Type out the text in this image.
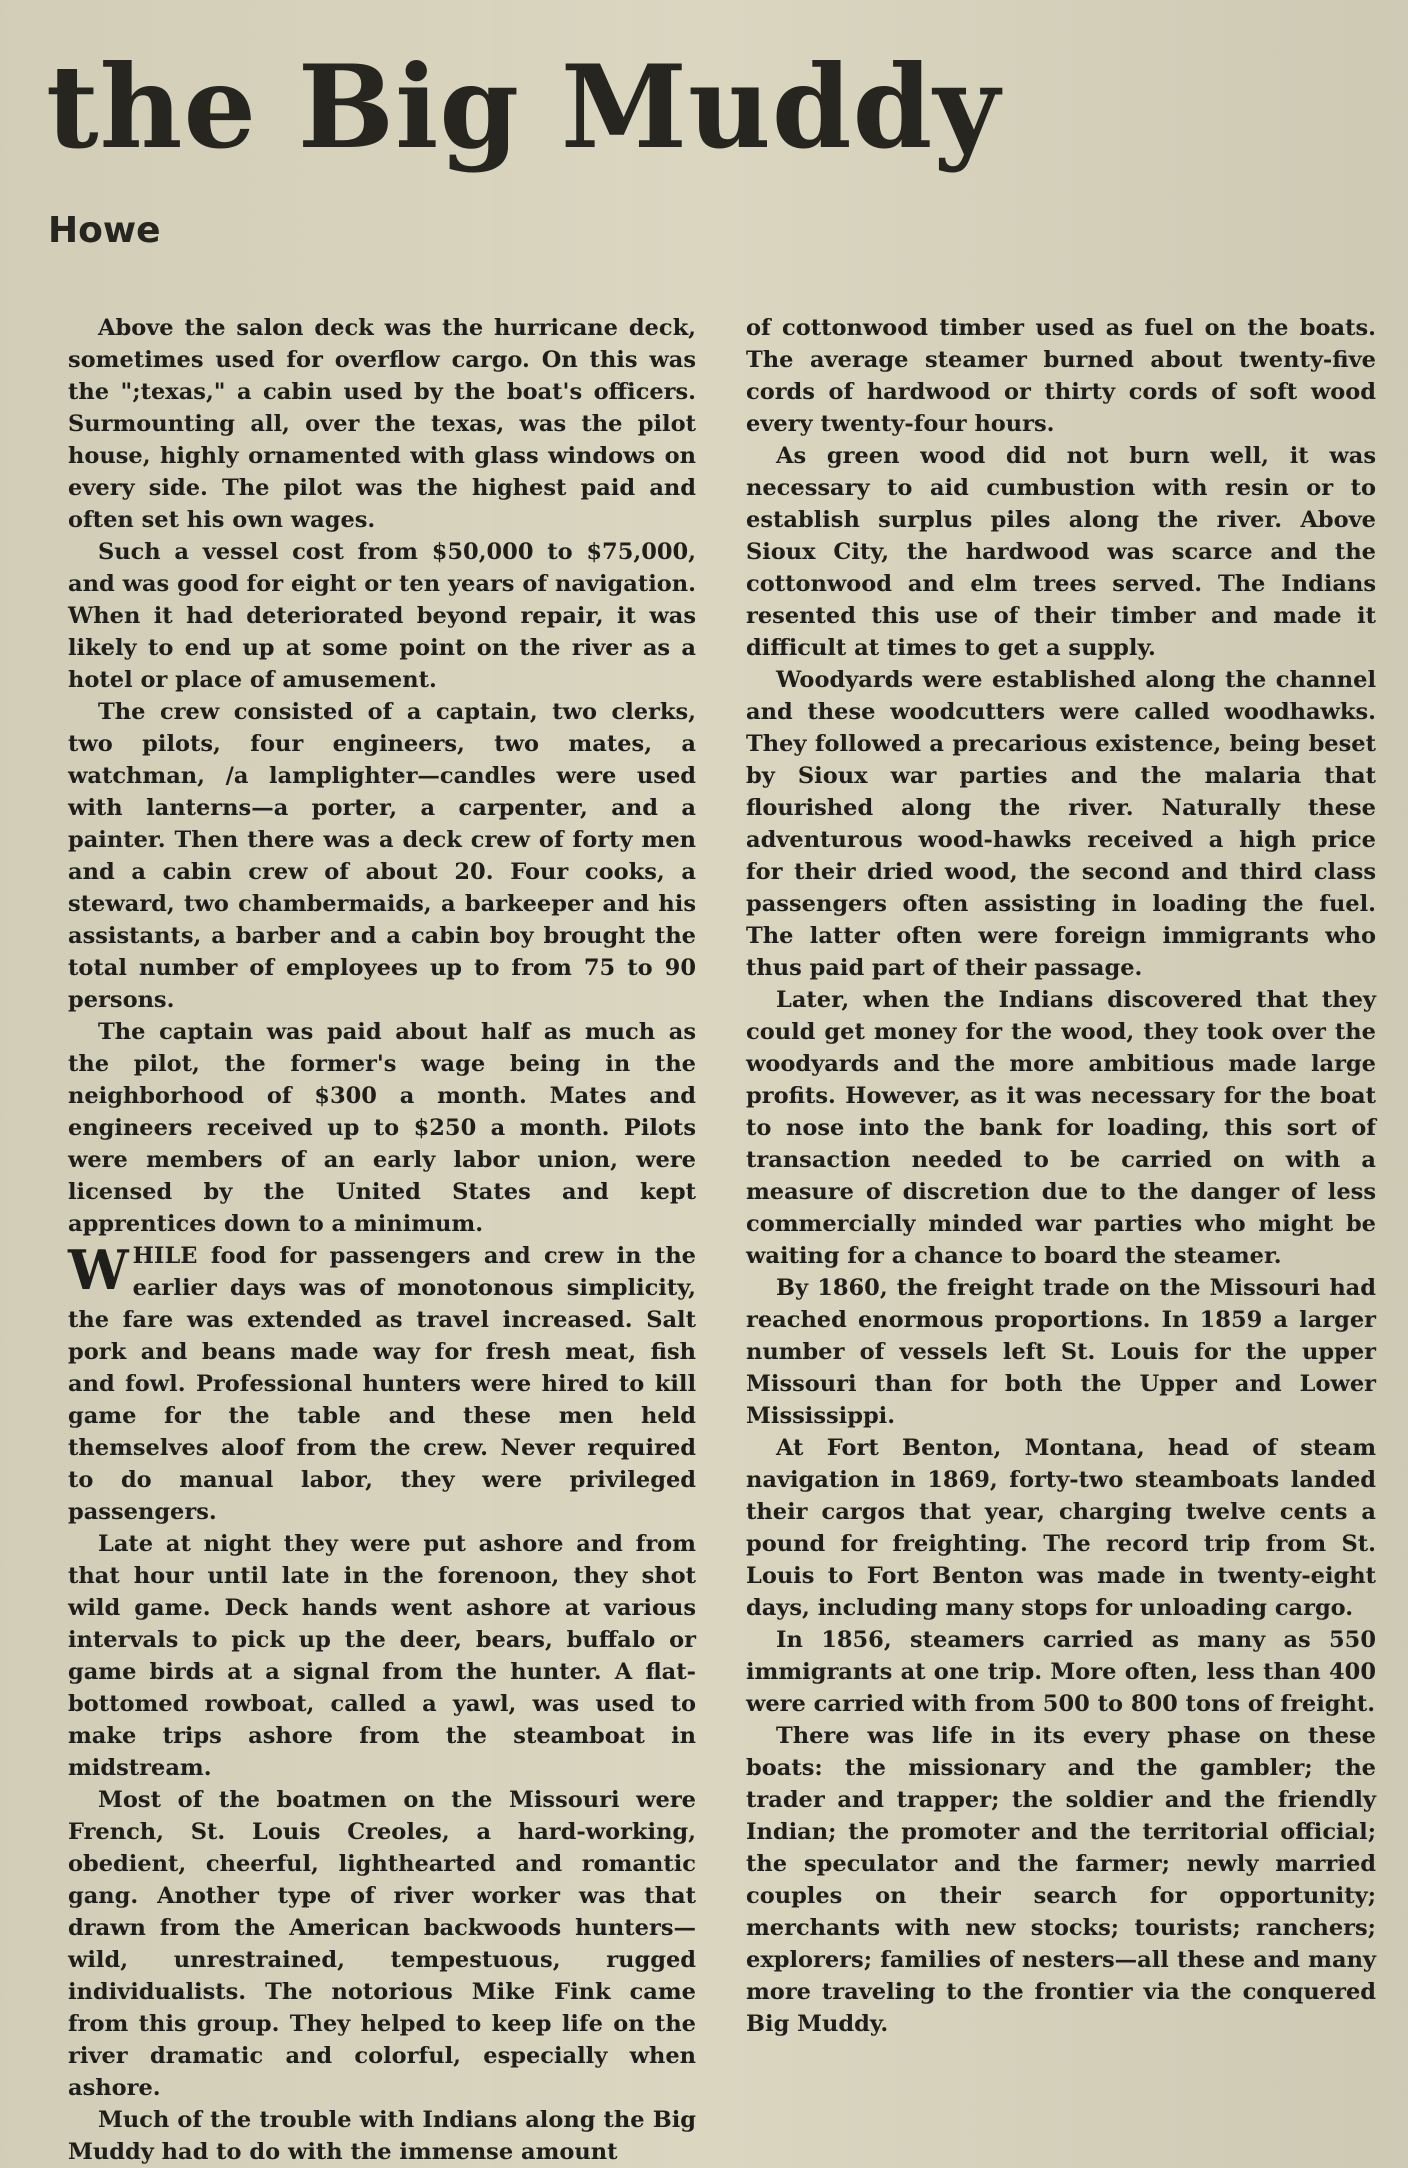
the Big Muddy
Howe

Above the salon deck was the hurricane deck, sometimes used for overflow cargo. On this was the ";texas," a cabin used by the boat's officers. Surmounting all, over the texas, was the pilot house, highly ornamented with glass windows on every side. The pilot was the highest paid and often set his own wages.

Such a vessel cost from $50,000 to $75,000, and was good for eight or ten years of navigation. When it had deteriorated beyond repair, it was likely to end up at some point on the river as a hotel or place of amusement.

The crew consisted of a captain, two clerks, two pilots, four engineers, two mates, a watchman, /a lamplighter—candles were used with lanterns—a porter, a carpenter, and a painter. Then there was a deck crew of forty men and a cabin crew of about 20. Four cooks, a steward, two chambermaids, a barkeeper and his assistants, a barber and a cabin boy brought the total number of employees up to from 75 to 90 persons.

The captain was paid about half as much as the pilot, the former's wage being in the neighborhood of $300 a month. Mates and engineers received up to $250 a month. Pilots were members of an early labor union, were licensed by the United States and kept apprentices down to a minimum.

WHILE food for passengers and crew in the earlier days was of monotonous simplicity, the fare was extended as travel increased. Salt pork and beans made way for fresh meat, fish and fowl. Professional hunters were hired to kill game for the table and these men held themselves aloof from the crew. Never required to do manual labor, they were privileged passengers.

Late at night they were put ashore and from that hour until late in the forenoon, they shot wild game. Deck hands went ashore at various intervals to pick up the deer, bears, buffalo or game birds at a signal from the hunter. A flat-bottomed rowboat, called a yawl, was used to make trips ashore from the steamboat in midstream.

Most of the boatmen on the Missouri were French, St. Louis Creoles, a hard-working, obedient, cheerful, lighthearted and romantic gang. Another type of river worker was that drawn from the American backwoods hunters—wild, unrestrained, tempestuous, rugged individualists. The notorious Mike Fink came from this group. They helped to keep life on the river dramatic and colorful, especially when ashore.

Much of the trouble with Indians along the Big Muddy had to do with the immense amount

of cottonwood timber used as fuel on the boats. The average steamer burned about twenty-five cords of hardwood or thirty cords of soft wood every twenty-four hours.

As green wood did not burn well, it was necessary to aid cumbustion with resin or to establish surplus piles along the river. Above Sioux City, the hardwood was scarce and the cottonwood and elm trees served. The Indians resented this use of their timber and made it difficult at times to get a supply.

Woodyards were established along the channel and these woodcutters were called woodhawks. They followed a precarious existence, being beset by Sioux war parties and the malaria that flourished along the river. Naturally these adventurous wood-hawks received a high price for their dried wood, the second and third class passengers often assisting in loading the fuel. The latter often were foreign immigrants who thus paid part of their passage.

Later, when the Indians discovered that they could get money for the wood, they took over the woodyards and the more ambitious made large profits. However, as it was necessary for the boat to nose into the bank for loading, this sort of transaction needed to be carried on with a measure of discretion due to the danger of less commercially minded war parties who might be waiting for a chance to board the steamer.

By 1860, the freight trade on the Missouri had reached enormous proportions. In 1859 a larger number of vessels left St. Louis for the upper Missouri than for both the Upper and Lower Mississippi.

At Fort Benton, Montana, head of steam navigation in 1869, forty-two steamboats landed their cargos that year, charging twelve cents a pound for freighting. The record trip from St. Louis to Fort Benton was made in twenty-eight days, including many stops for unloading cargo.

In 1856, steamers carried as many as 550 immigrants at one trip. More often, less than 400 were carried with from 500 to 800 tons of freight.

There was life in its every phase on these boats: the missionary and the gambler; the trader and trapper; the soldier and the friendly Indian; the promoter and the territorial official; the speculator and the farmer; newly married couples on their search for opportunity; merchants with new stocks; tourists; ranchers; explorers; families of nesters—all these and many more traveling to the frontier via the conquered Big Muddy.
